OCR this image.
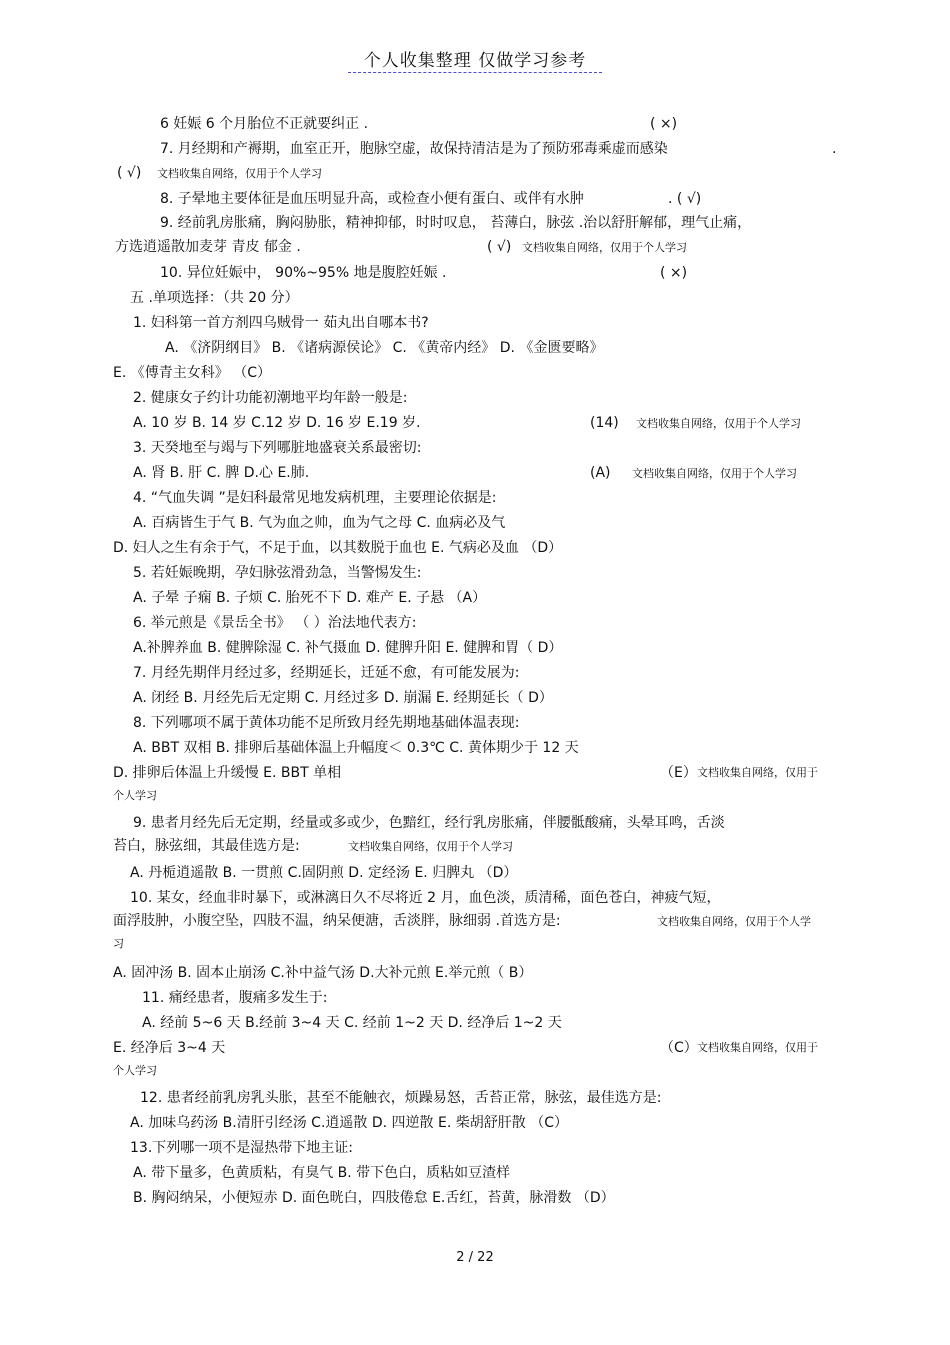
个人收集整理 仅做学习参考
6 妊娠 6 个月胎位不正就要纠正 .	( ×)
7. 月经期和产褥期，血室正开，胞脉空虚，故保持清洁是为了预防邪毒乘虚而感染	.
( √) 文档收集自网络，仅用于个人学习
8. 子晕地主要体征是血压明显升高，或检查小便有蛋白、或伴有水肿	. ( √)
9. 经前乳房胀痛，胸闷胁胀，精神抑郁，时时叹息， 苔薄白，脉弦 .治以舒肝解郁，理气止痛，
方选逍遥散加麦芽 青皮 郁金 .	( √) 文档收集自网络，仅用于个人学习
10. 异位妊娠中， 90%~95% 地是腹腔妊娠 .	( ×)
五 .单项选择：（共 20 分）
1. 妇科第一首方剂四乌贼骨一 茹丸出自哪本书?
A. 《济阴纲目》 B. 《诸病源侯论》 C. 《黄帝内经》 D. 《金匮要略》
E. 《傅青主女科》 （C）
2. 健康女子约计功能初潮地平均年龄一般是:
A. 10 岁 B. 14 岁 C.12 岁 D. 16 岁 E.19 岁.	(14) 文档收集自网络，仅用于个人学习
3. 天癸地至与竭与下列哪脏地盛衰关系最密切:
A. 肾 B. 肝 C. 脾 D.心 E.肺.	(A) 文档收集自网络，仅用于个人学习
4. “气血失调 ”是妇科最常见地发病机理，主要理论依据是:
A. 百病皆生于气 B. 气为血之帅，血为气之母 C. 血病必及气
D. 妇人之生有余于气，不足于血，以其数脱于血也 E. 气病必及血 （D）
5. 若妊娠晚期，孕妇脉弦滑劲急，当警惕发生:
A. 子晕 子痫 B. 子烦 C. 胎死不下 D. 难产 E. 子悬 （A）
6. 举元煎是《景岳全书》 （ ）治法地代表方:
A.补脾养血 B. 健脾除湿 C. 补气摄血 D. 健脾升阳 E. 健脾和胃（ D）
7. 月经先期伴月经过多，经期延长，迁延不愈，有可能发展为:
A. 闭经 B. 月经先后无定期 C. 月经过多 D. 崩漏 E. 经期延长（ D）
8. 下列哪项不属于黄体功能不足所致月经先期地基础体温表现:
A. BBT 双相 B. 排卵后基础体温上升幅度＜ 0.3℃ C. 黄体期少于 12 天
D. 排卵后体温上升缓慢 E. BBT 单相	（E） 文档收集自网络，仅用于
个人学习
9. 患者月经先后无定期，经量或多或少，色黯红，经行乳房胀痛，伴腰骶酸痛，头晕耳鸣，舌淡
苔白，脉弦细，其最佳选方是:	文档收集自网络，仅用于个人学习
A. 丹栀逍遥散 B. 一贯煎 C.固阴煎 D. 定经汤 E. 归脾丸 （D）
10. 某女，经血非时暴下，或淋漓日久不尽将近 2 月，血色淡，质清稀，面色苍白，神疲气短，
面浮肢肿，小腹空坠，四肢不温，纳呆便溏，舌淡胖，脉细弱 .首选方是:	文档收集自网络，仅用于个人学
习
A. 固冲汤 B. 固本止崩汤 C.补中益气汤 D.大补元煎 E.举元煎（ B）
11. 痛经患者，腹痛多发生于:
A. 经前 5~6 天 B.经前 3~4 天 C. 经前 1~2 天 D. 经净后 1~2 天
E. 经净后 3~4 天	（C） 文档收集自网络，仅用于
个人学习
12. 患者经前乳房乳头胀，甚至不能触衣，烦躁易怒，舌苔正常，脉弦，最佳选方是:
A. 加味乌药汤 B.清肝引经汤 C.逍遥散 D. 四逆散 E. 柴胡舒肝散 （C）
13.下列哪一项不是湿热带下地主证:
A. 带下量多，色黄质粘，有臭气 B. 带下色白，质粘如豆渣样
B. 胸闷纳呆，小便短赤 D. 面色晄白，四肢倦怠 E.舌红，苔黄，脉滑数 （D）
2 / 22
